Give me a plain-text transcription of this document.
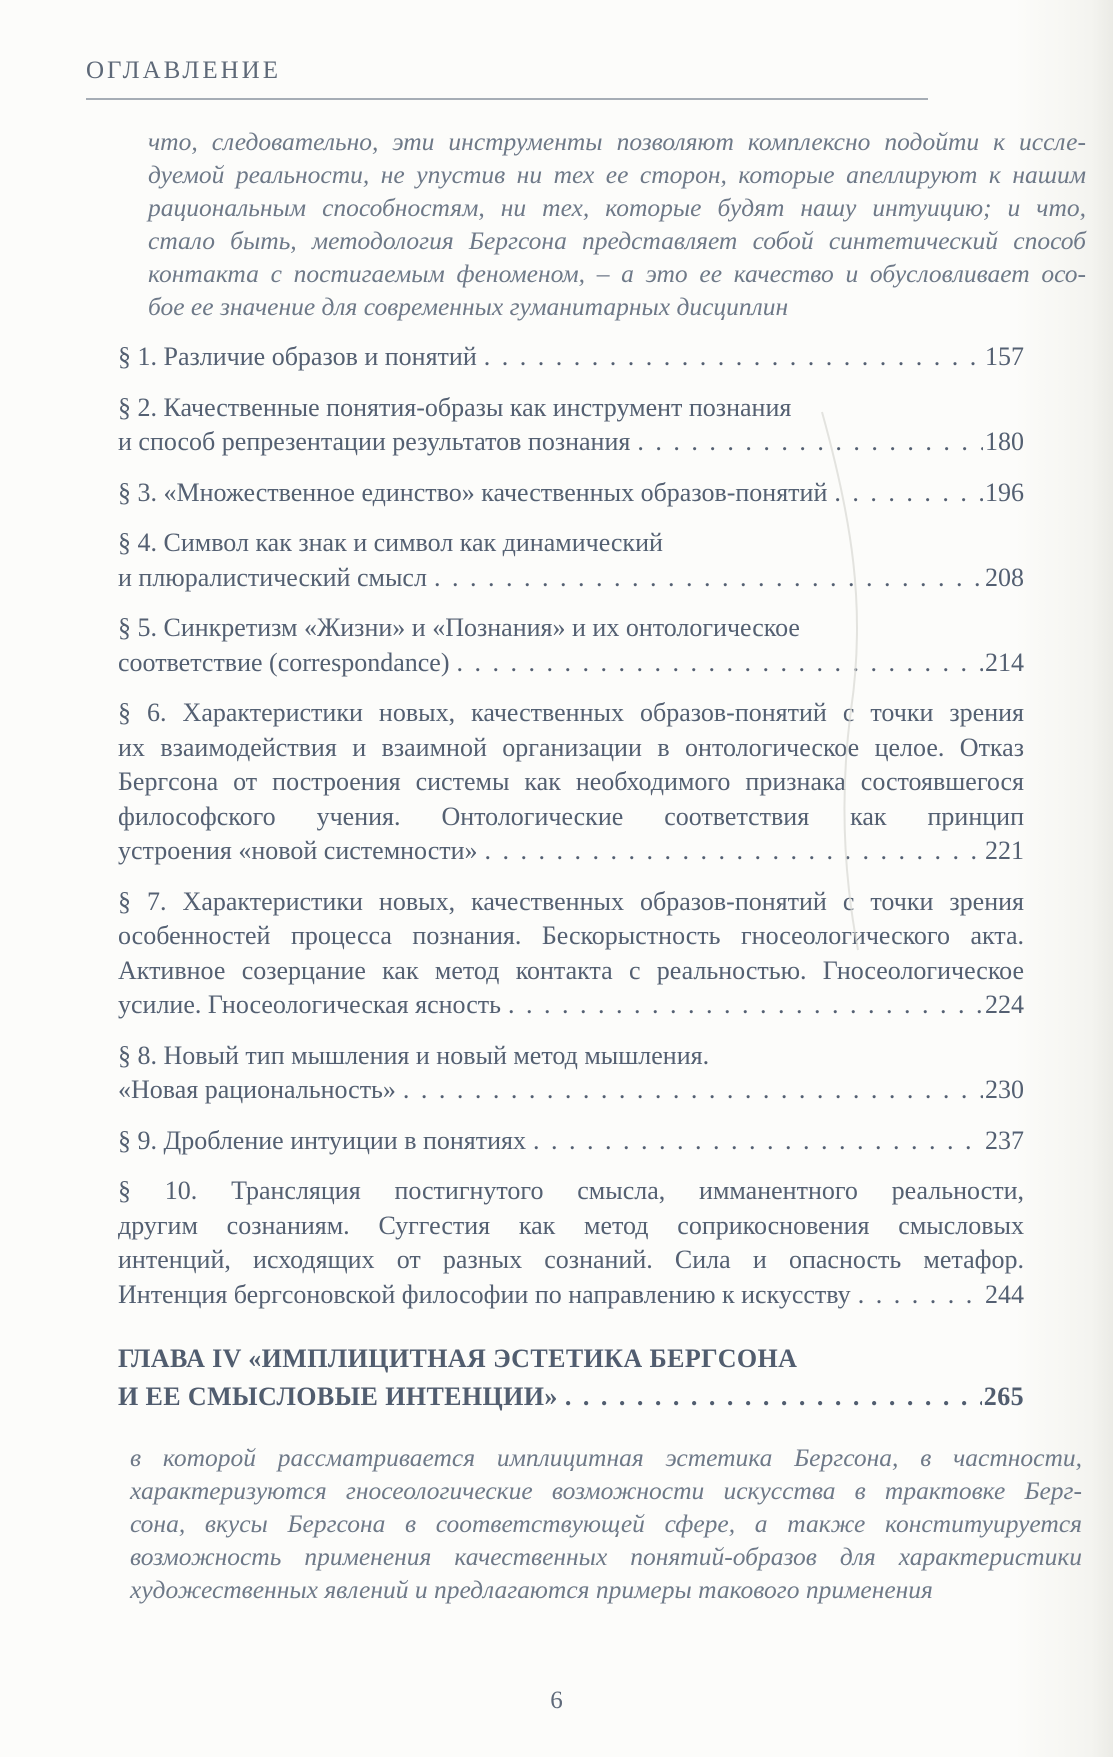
ОГЛАВЛЕНИЕ
что, следовательно, эти инструменты позволяют комплексно подойти к иссле-
дуемой реальности, не упустив ни тех ее сторон, которые апеллируют к нашим
рациональным способностям, ни тех, которые будят нашу интуицию; и что,
стало быть, методология Бергсона представляет собой синтетический способ
контакта с постигаемым феноменом, – а это ее качество и обусловливает осо-
бое ее значение для современных гуманитарных дисциплин
§ 1. Различие образов и понятий . . .	157
§ 2. Качественные понятия-образы как инструмент познания
и способ репрезентации результатов познания . . .	180
§ 3. «Множественное единство» качественных образов-понятий . . .	196
§ 4. Символ как знак и символ как динамический
и плюралистический смысл . . .	208
§ 5. Синкретизм «Жизни» и «Познания» и их онтологическое
соответствие (correspondance) . . .	214
§ 6. Характеристики новых, качественных образов-понятий с точки зрения
их взаимодействия и взаимной организации в онтологическое целое. Отказ
Бергсона от построения системы как необходимого признака состоявшегося
философского учения. Онтологические соответствия как принцип
устроения «новой системности» . . .	221
§ 7. Характеристики новых, качественных образов-понятий с точки зрения
особенностей процесса познания. Бескорыстность гносеологического акта.
Активное созерцание как метод контакта с реальностью. Гносеологическое
усилие. Гносеологическая ясность . . .	224
§ 8. Новый тип мышления и новый метод мышления.
«Новая рациональность» . . .	230
§ 9. Дробление интуиции в понятиях . . .	237
§ 10. Трансляция постигнутого смысла, имманентного реальности,
другим сознаниям. Суггестия как метод соприкосновения смысловых
интенций, исходящих от разных сознаний. Сила и опасность метафор.
Интенция бергсоновской философии по направлению к искусству . . .	244
ГЛАВА IV «ИМПЛИЦИТНАЯ ЭСТЕТИКА БЕРГСОНА
И ЕЕ СМЫСЛОВЫЕ ИНТЕНЦИИ» . . .	265
в которой рассматривается имплицитная эстетика Бергсона, в частности,
характеризуются гносеологические возможности искусства в трактовке Берг-
сона, вкусы Бергсона в соответствующей сфере, а также конституируется
возможность применения качественных понятий-образов для характеристики
художественных явлений и предлагаются примеры такового применения
6
